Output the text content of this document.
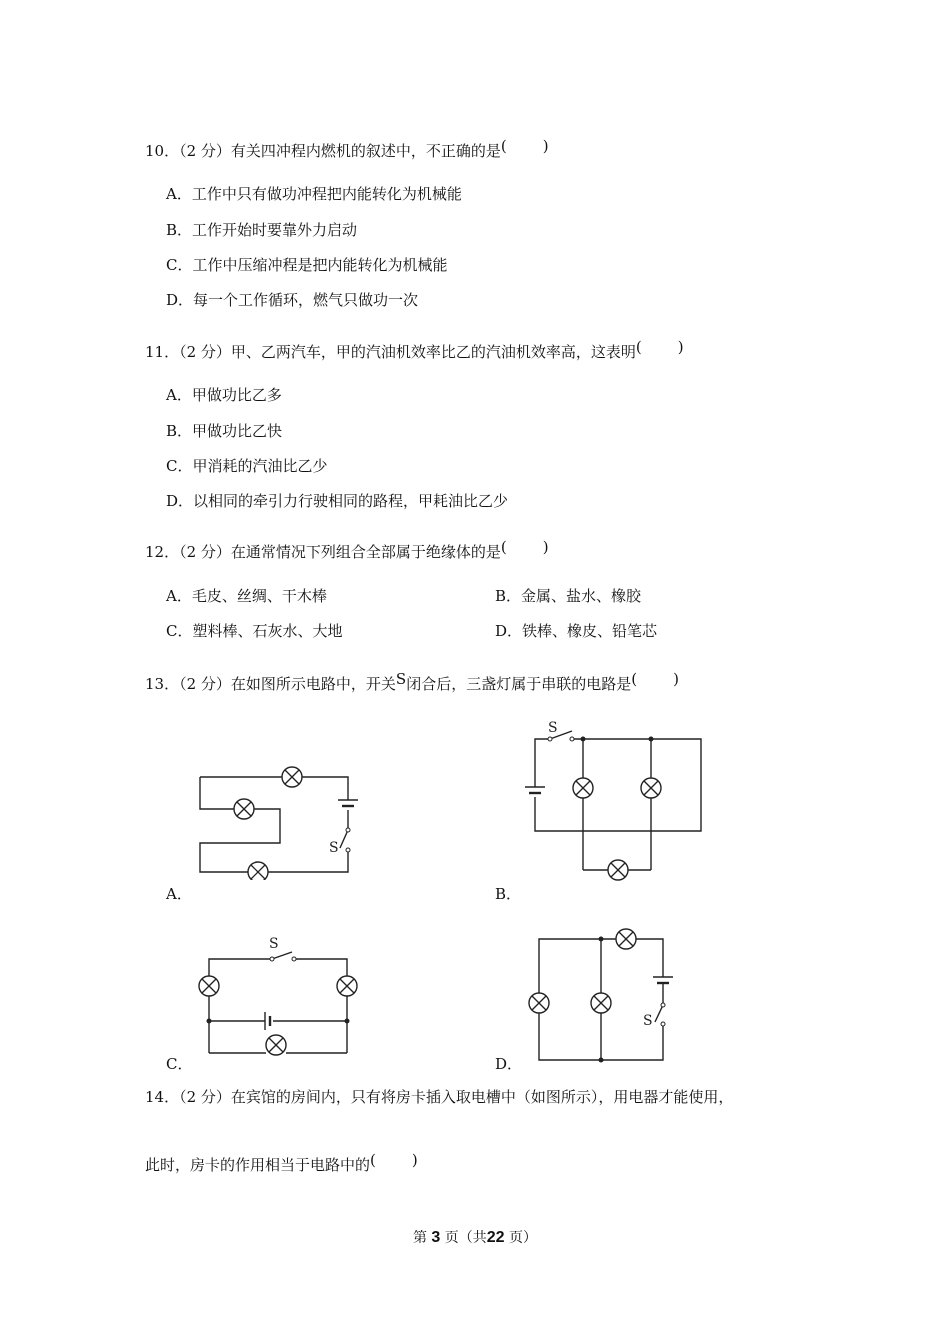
10．（2 分）有关四冲程内燃机的叙述中，不正确的是( )
A．工作中只有做功冲程把内能转化为机械能
B．工作开始时要靠外力启动
C．工作中压缩冲程是把内能转化为机械能
D．每一个工作循环，燃气只做功一次
11．（2 分）甲、乙两汽车，甲的汽油机效率比乙的汽油机效率高，这表明( )
A．甲做功比乙多
B．甲做功比乙快
C．甲消耗的汽油比乙少
D．以相同的牵引力行驶相同的路程，甲耗油比乙少
12．（2 分）在通常情况下列组合全部属于绝缘体的是( )
A．毛皮、丝绸、干木棒	B．金属、盐水、橡胶
C．塑料棒、石灰水、大地	D．铁棒、橡皮、铅笔芯
13．（2 分）在如图所示电路中，开关S闭合后，三盏灯属于串联的电路是( )
S
A．
S
B．
S
C．
S
D．
14．（2 分）在宾馆的房间内，只有将房卡插入取电槽中（如图所示），用电器才能使用，
此时，房卡的作用相当于电路中的( )
第 3 页（共22 页）
